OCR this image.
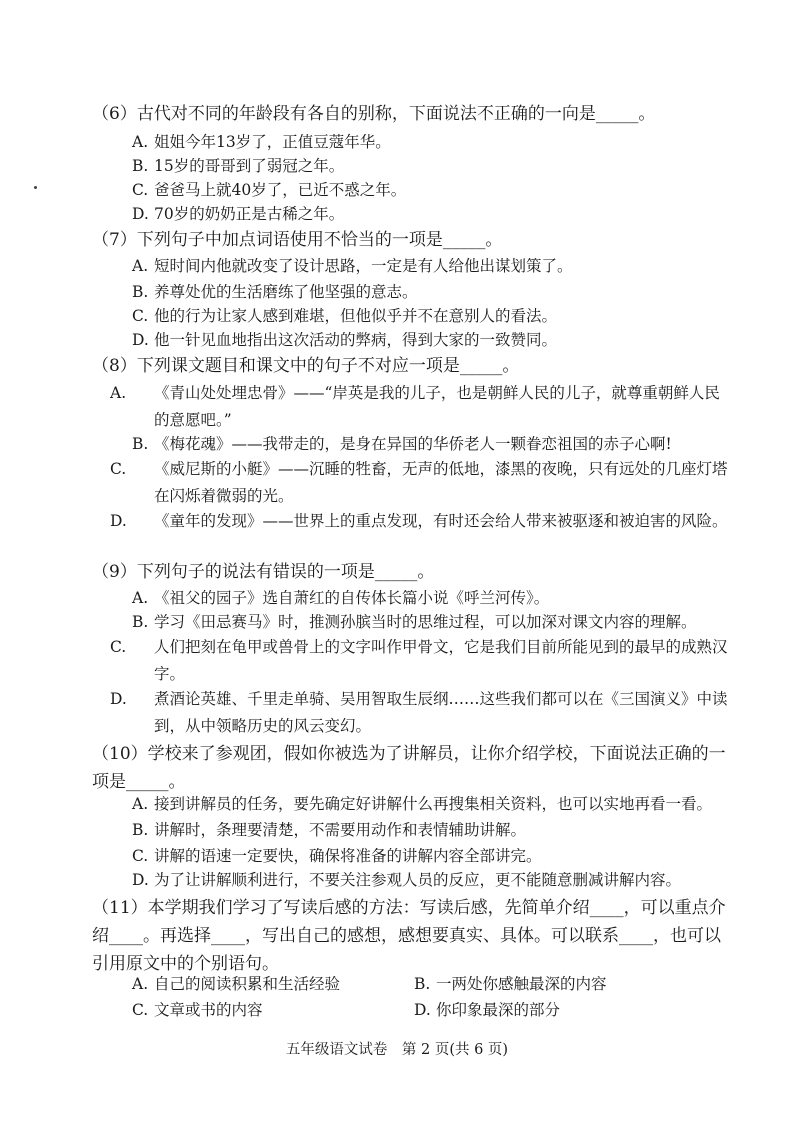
（6）古代对不同的年龄段有各自的别称，下面说法不正确的一向是_____。
A. 姐姐今年13岁了，正值豆蔻年华。
B. 15岁的哥哥到了弱冠之年。
C. 爸爸马上就40岁了，已近不惑之年。
D. 70岁的奶奶正是古稀之年。
（7）下列句子中加点词语使用不恰当的一项是_____。
A. 短时间内他就改变了设计思路，一定是有人给他出谋划策了。
B. 养尊处优的生活磨练了他坚强的意志。
C. 他的行为让家人感到难堪，但他似乎并不在意别人的看法。
D. 他一针见血地指出这次活动的弊病，得到大家的一致赞同。
（8）下列课文题目和课文中的句子不对应一项是_____。
A. 《青山处处埋忠骨》——“岸英是我的儿子，也是朝鲜人民的儿子，就尊重朝鲜人民的意愿吧。”
B. 《梅花魂》——我带走的，是身在异国的华侨老人一颗眷恋祖国的赤子心啊!
C. 《威尼斯的小艇》——沉睡的牲畜，无声的低地，漆黑的夜晚，只有远处的几座灯塔在闪烁着微弱的光。
D. 《童年的发现》——世界上的重点发现，有时还会给人带来被驱逐和被迫害的风险。
（9）下列句子的说法有错误的一项是_____。
A. 《祖父的园子》选自萧红的自传体长篇小说《呼兰河传》。
B. 学习《田忌赛马》时，推测孙膑当时的思维过程，可以加深对课文内容的理解。
C. 人们把刻在龟甲或兽骨上的文字叫作甲骨文，它是我们目前所能见到的最早的成熟汉字。
D. 煮酒论英雄、千里走单骑、吴用智取生辰纲……这些我们都可以在《三国演义》中读到，从中领略历史的风云变幻。
（10）学校来了参观团，假如你被选为了讲解员，让你介绍学校，下面说法正确的一项是_____。
A. 接到讲解员的任务，要先确定好讲解什么再搜集相关资料，也可以实地再看一看。
B. 讲解时，条理要清楚，不需要用动作和表情辅助讲解。
C. 讲解的语速一定要快，确保将准备的讲解内容全部讲完。
D. 为了让讲解顺利进行，不要关注参观人员的反应，更不能随意删减讲解内容。
（11）本学期我们学习了写读后感的方法：写读后感，先简单介绍____，可以重点介绍____。再选择____，写出自己的感想，感想要真实、具体。可以联系____，也可以引用原文中的个别语句。
A. 自己的阅读积累和生活经验	B. 一两处你感触最深的内容
C. 文章或书的内容	D. 你印象最深的部分
五年级语文试卷　第 2 页(共 6 页)
